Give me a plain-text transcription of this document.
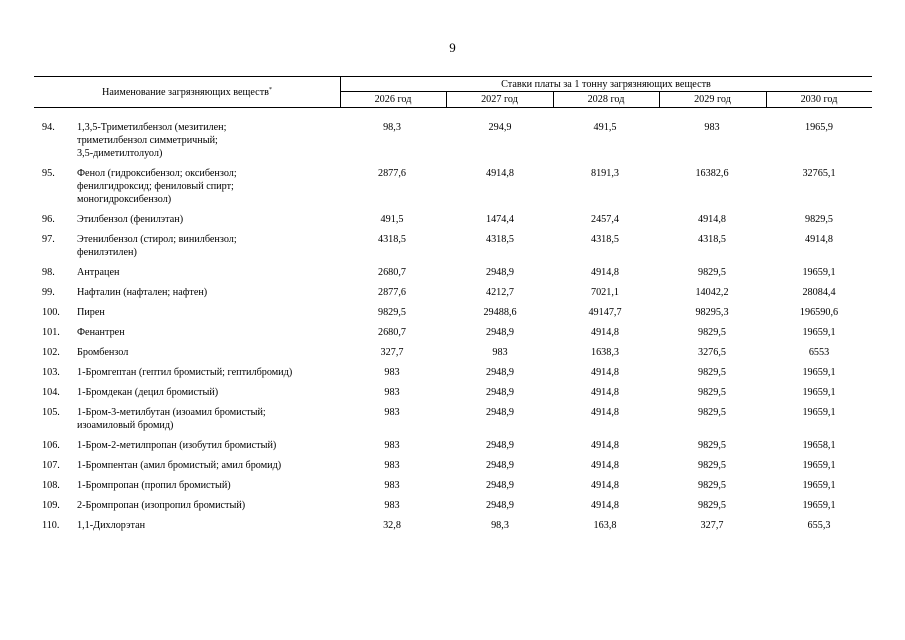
9
Наименование загрязняющих веществ*	Ставки платы за 1 тонну загрязняющих веществ
2026 год	2027 год	2028 год	2029 год	2030 год
94.	1,3,5-Триметилбензол (мезитилен;
триметилбензол симметричный;
3,5-диметилтолуол)
98,3	294,9	491,5	983	1965,9
95.	Фенол (гидроксибензол; оксибензол;
фенилгидроксид; фениловый спирт;
моногидроксибензол)
2877,6	4914,8	8191,3	16382,6	32765,1
96.	Этилбензол (фенилэтан)	491,5	1474,4	2457,4	4914,8	9829,5
97.	Этенилбензол (стирол; винилбензол;
фенилэтилен)
4318,5	4318,5	4318,5	4318,5	4914,8
98.	Антрацен	2680,7	2948,9	4914,8	9829,5	19659,1
99.	Нафталин (нафтален; нафтен)	2877,6	4212,7	7021,1	14042,2	28084,4
100.	Пирен	9829,5	29488,6	49147,7	98295,3	196590,6
101.	Фенантрен	2680,7	2948,9	4914,8	9829,5	19659,1
102.	Бромбензол	327,7	983	1638,3	3276,5	6553
103.	1-Бромгептан (гептил бромистый; гептилбромид)	983	2948,9	4914,8	9829,5	19659,1
104.	1-Бромдекан (децил бромистый)	983	2948,9	4914,8	9829,5	19659,1
105.	1-Бром-3-метилбутан (изоамил бромистый;
изоамиловый бромид)
983	2948,9	4914,8	9829,5	19659,1
106.	1-Бром-2-метилпропан (изобутил бромистый)	983	2948,9	4914,8	9829,5	19658,1
107.	1-Бромпентан (амил бромистый; амил бромид)	983	2948,9	4914,8	9829,5	19659,1
108.	1-Бромпропан (пропил бромистый)	983	2948,9	4914,8	9829,5	19659,1
109.	2-Бромпропан (изопропил бромистый)	983	2948,9	4914,8	9829,5	19659,1
110.	1,1-Дихлорэтан	32,8	98,3	163,8	327,7	655,3
